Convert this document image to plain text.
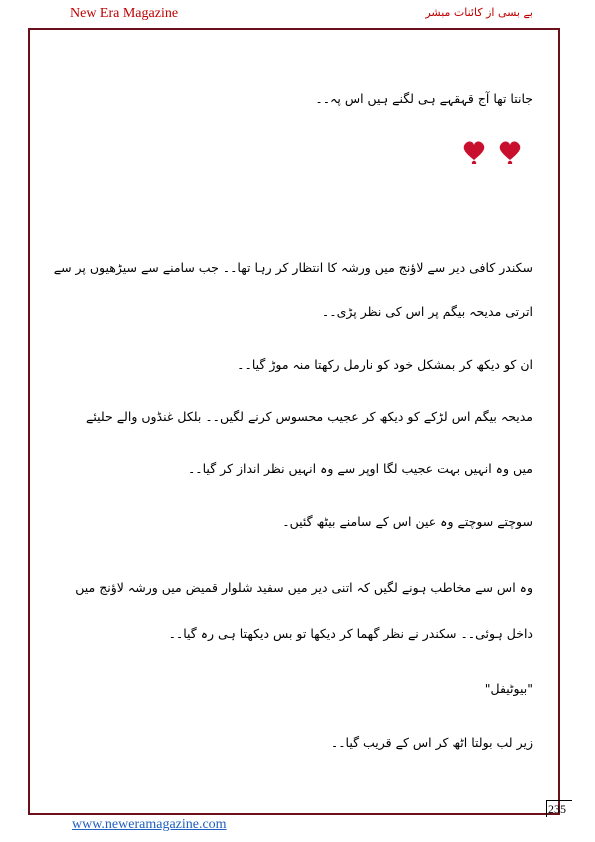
New Era Magazine	بے بسی از کائنات مبشر
جانتا تھا آج قہقہے ہی لگنے ہیں اس پہ۔۔
سکندر کافی دیر سے لاؤنج میں ورشہ کا انتظار کر رہا تھا۔۔ جب سامنے سے سیڑھیوں پر سے
اترتی مدیحہ بیگم پر اس کی نظر پڑی۔۔
ان کو دیکھ کر بمشکل خود کو نارمل رکھتا منہ موڑ گیا۔۔
مدیحہ بیگم اس لڑکے کو دیکھ کر عجیب محسوس کرنے لگیں۔۔ بلکل غنڈوں والے حلیئے
میں وہ انہیں بہت عجیب لگا اوپر سے وہ انہیں نظر انداز کر گیا۔۔
سوچتے سوچتے وہ عین اس کے سامنے بیٹھ گئیں۔
وہ اس سے مخاطب ہونے لگیں کہ اتنی دیر میں سفید شلوار قمیض میں ورشہ لاؤنج میں
داخل ہوئی۔۔ سکندر نے نظر گھما کر دیکھا تو بس دیکھتا ہی رہ گیا۔۔
"بیوٹیفل"
زیر لب بولتا اٹھ کر اس کے قریب گیا۔۔
235
www.neweramagazine.com
